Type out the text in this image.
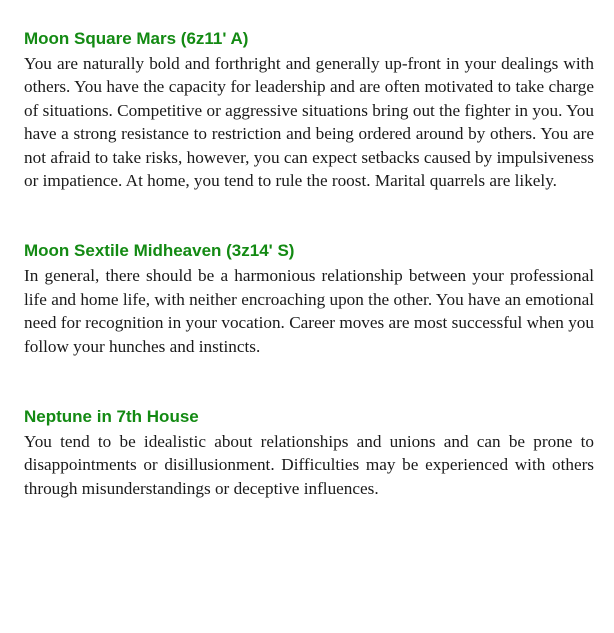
Moon Square Mars (6z11' A)

You are naturally bold and forthright and generally up-front in your dealings with others. You have the capacity for leadership and are often motivated to take charge of situations. Competitive or aggressive situations bring out the fighter in you. You have a strong resistance to restriction and being ordered around by others. You are not afraid to take risks, however, you can expect setbacks caused by impulsiveness or impatience. At home, you tend to rule the roost. Marital quarrels are likely.

Moon Sextile Midheaven (3z14' S)

In general, there should be a harmonious relationship between your professional life and home life, with neither encroaching upon the other. You have an emotional need for recognition in your vocation. Career moves are most successful when you follow your hunches and instincts.

Neptune in 7th House

You tend to be idealistic about relationships and unions and can be prone to disappointments or disillusionment. Difficulties may be experienced with others through misunderstandings or deceptive influences.
